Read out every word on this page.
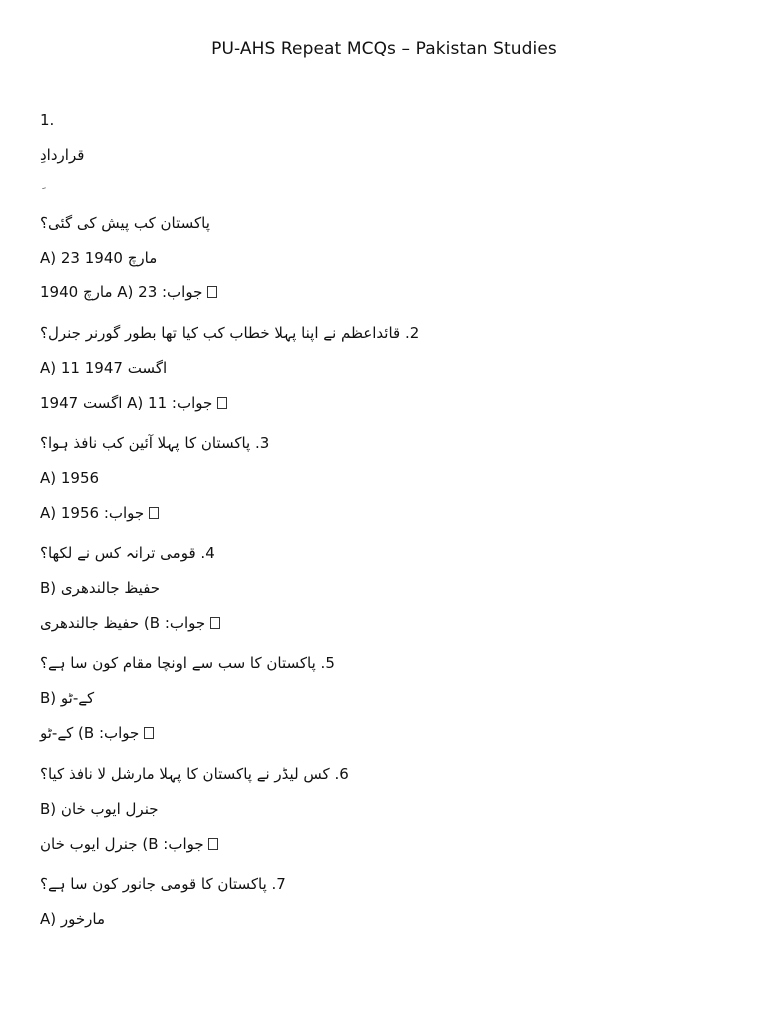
PU-AHS Repeat MCQs – Pakistan Studies
1.
قراردادِ
پاکستان کب پیش کی گئی؟
A) 23 مارچ 1940
جواب: A) 23 مارچ 1940
2. قائداعظم نے اپنا پہلا خطاب کب کیا تھا بطور گورنر جنرل؟
A) 11 اگست 1947
جواب: A) 11 اگست 1947
3. پاکستان کا پہلا آئین کب نافذ ہوا؟
A) 1956
جواب: A) 1956
4. قومی ترانہ کس نے لکھا؟
B) حفیظ جالندھری
جواب: B) حفیظ جالندھری
5. پاکستان کا سب سے اونچا مقام کون سا ہے؟
B) کے-ٹو
جواب: B) کے-ٹو
6. کس لیڈر نے پاکستان کا پہلا مارشل لا نافذ کیا؟
B) جنرل ایوب خان
جواب: B) جنرل ایوب خان
7. پاکستان کا قومی جانور کون سا ہے؟
A) مارخور
